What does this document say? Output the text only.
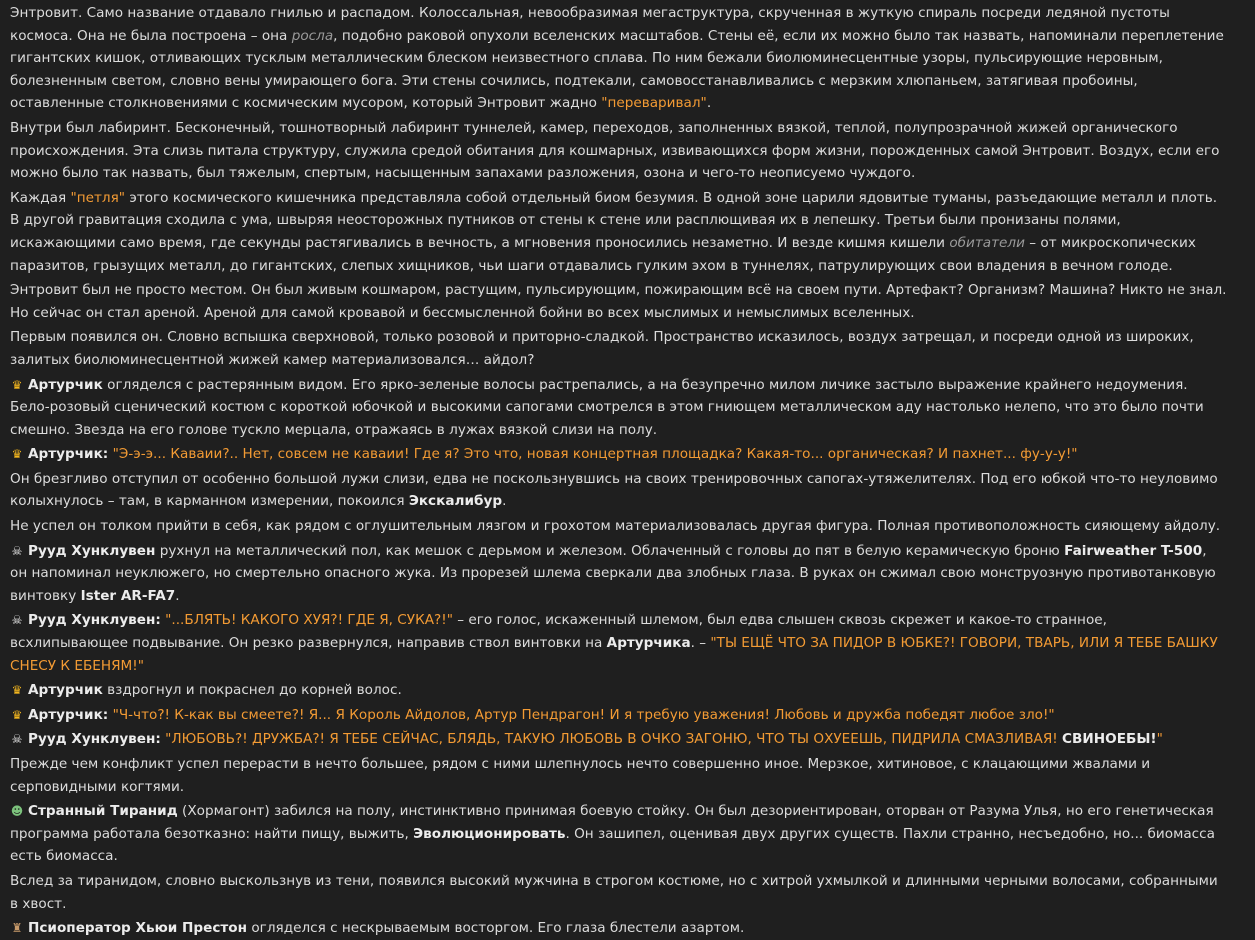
Энтровит. Само название отдавало гнилью и распадом. Колоссальная, невообразимая мегаструктура, скрученная в жуткую спираль посреди ледяной пустоты космоса. Она не была построена – она росла, подобно раковой опухоли вселенских масштабов. Стены её, если их можно было так назвать, напоминали переплетение гигантских кишок, отливающих тусклым металлическим блеском неизвестного сплава. По ним бежали биолюминесцентные узоры, пульсирующие неровным, болезненным светом, словно вены умирающего бога. Эти стены сочились, подтекали, самовосстанавливались с мерзким хлюпаньем, затягивая пробоины, оставленные столкновениями с космическим мусором, который Энтровит жадно "переваривал".

Внутри был лабиринт. Бесконечный, тошнотворный лабиринт туннелей, камер, переходов, заполненных вязкой, теплой, полупрозрачной жижей органического происхождения. Эта слизь питала структуру, служила средой обитания для кошмарных, извивающихся форм жизни, порожденных самой Энтровит. Воздух, если его можно было так назвать, был тяжелым, спертым, насыщенным запахами разложения, озона и чего-то неописуемо чуждого.

Каждая "петля" этого космического кишечника представляла собой отдельный биом безумия. В одной зоне царили ядовитые туманы, разъедающие металл и плоть. В другой гравитация сходила с ума, швыряя неосторожных путников от стены к стене или расплющивая их в лепешку. Третьи были пронизаны полями, искажающими само время, где секунды растягивались в вечность, а мгновения проносились незаметно. И везде кишмя кишели обитатели – от микроскопических паразитов, грызущих металл, до гигантских, слепых хищников, чьи шаги отдавались гулким эхом в туннелях, патрулирующих свои владения в вечном голоде.

Энтровит был не просто местом. Он был живым кошмаром, растущим, пульсирующим, пожирающим всё на своем пути. Артефакт? Организм? Машина? Никто не знал. Но сейчас он стал ареной. Ареной для самой кровавой и бессмысленной бойни во всех мыслимых и немыслимых вселенных.

Первым появился он. Словно вспышка сверхновой, только розовой и приторно-сладкой. Пространство исказилось, воздух затрещал, и посреди одной из широких, залитых биолюминесцентной жижей камер материализовался… айдол?

♛ Артурчик огляделся с растерянным видом. Его ярко-зеленые волосы растрепались, а на безупречно милом личике застыло выражение крайнего недоумения. Бело-розовый сценический костюм с короткой юбочкой и высокими сапогами смотрелся в этом гниющем металлическом аду настолько нелепо, что это было почти смешно. Звезда на его голове тускло мерцала, отражаясь в лужах вязкой слизи на полу.

♛ Артурчик: "Э-э-э... Каваии?.. Нет, совсем не каваии! Где я? Это что, новая концертная площадка? Какая-то... органическая? И пахнет... фу-у-у!"

Он брезгливо отступил от особенно большой лужи слизи, едва не поскользнувшись на своих тренировочных сапогах-утяжелителях. Под его юбкой что-то неуловимо колыхнулось – там, в карманном измерении, покоился Экскалибур.

Не успел он толком прийти в себя, как рядом с оглушительным лязгом и грохотом материализовалась другая фигура. Полная противоположность сияющему айдолу.

☠ Рууд Хунклувен рухнул на металлический пол, как мешок с дерьмом и железом. Облаченный с головы до пят в белую керамическую броню Fairweather T-500, он напоминал неуклюжего, но смертельно опасного жука. Из прорезей шлема сверкали два злобных глаза. В руках он сжимал свою монструозную противотанковую винтовку Ister AR-FA7.

☠ Рууд Хунклувен: "...БЛЯТЬ! КАКОГО ХУЯ?! ГДЕ Я, СУКА?!" – его голос, искаженный шлемом, был едва слышен сквозь скрежет и какое-то странное, всхлипывающее подвывание. Он резко развернулся, направив ствол винтовки на Артурчика. – "ТЫ ЕЩЁ ЧТО ЗА ПИДОР В ЮБКЕ?! ГОВОРИ, ТВАРЬ, ИЛИ Я ТЕБЕ БАШКУ СНЕСУ К ЕБЕНЯМ!"

♛ Артурчик вздрогнул и покраснел до корней волос.

♛ Артурчик: "Ч-что?! К-как вы смеете?! Я... Я Король Айдолов, Артур Пендрагон! И я требую уважения! Любовь и дружба победят любое зло!"

☠ Рууд Хунклувен: "ЛЮБОВЬ?! ДРУЖБА?! Я ТЕБЕ СЕЙЧАС, БЛЯДЬ, ТАКУЮ ЛЮБОВЬ В ОЧКО ЗАГОНЮ, ЧТО ТЫ ОХУЕЕШЬ, ПИДРИЛА СМАЗЛИВАЯ! СВИНОЕБЫ!"

Прежде чем конфликт успел перерасти в нечто большее, рядом с ними шлепнулось нечто совершенно иное. Мерзкое, хитиновое, с клацающими жвалами и серповидными когтями.

☻ Странный Тиранид (Хормагонт) забился на полу, инстинктивно принимая боевую стойку. Он был дезориентирован, оторван от Разума Улья, но его генетическая программа работала безотказно: найти пищу, выжить, Эволюционировать. Он зашипел, оценивая двух других существ. Пахли странно, несъедобно, но... биомасса есть биомасса.

Вслед за тиранидом, словно выскользнув из тени, появился высокий мужчина в строгом костюме, но с хитрой ухмылкой и длинными черными волосами, собранными в хвост.

♜ Псиоператор Хьюи Престон огляделся с нескрываемым восторгом. Его глаза блестели азартом.
